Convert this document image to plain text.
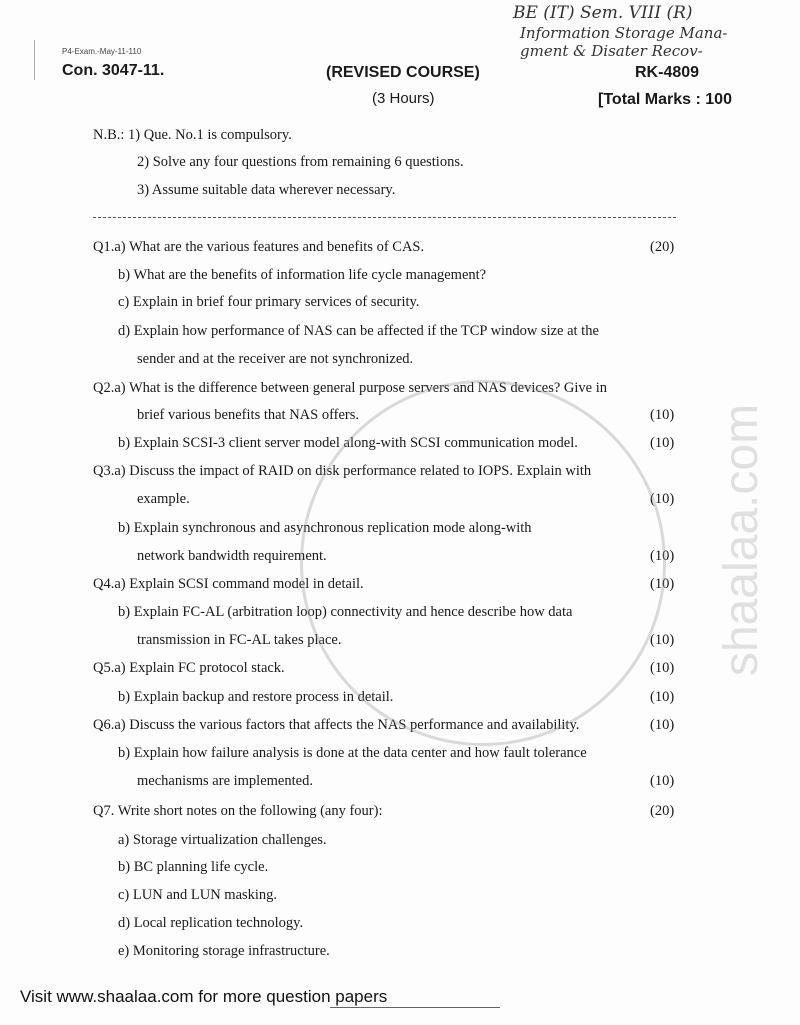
BE (IT) Sem. VIII (R)
Information Storage Mana-
gment & Disater Recov-
P4-Exam.-May-11-110
Con. 3047-11.	(REVISED COURSE)	RK-4809
(3 Hours)	[Total Marks : 100
N.B.: 1) Que. No.1 is compulsory.
2) Solve any four questions from remaining 6 questions.
3) Assume suitable data wherever necessary.
Q1.a) What are the various features and benefits of CAS.	(20)
b) What are the benefits of information life cycle management?
c) Explain in brief four primary services of security.
d) Explain how performance of NAS can be affected if the TCP window size at the
sender and at the receiver are not synchronized.
Q2.a) What is the difference between general purpose servers and NAS devices? Give in
brief various benefits that NAS offers.	(10)
b) Explain SCSI-3 client server model along-with SCSI communication model.	(10)
Q3.a) Discuss the impact of RAID on disk performance related to IOPS. Explain with
example.	(10)
b) Explain synchronous and asynchronous replication mode along-with
network bandwidth requirement.	(10)
Q4.a) Explain SCSI command model in detail.	(10)
b) Explain FC-AL (arbitration loop) connectivity and hence describe how data
transmission in FC-AL takes place.	(10)
Q5.a) Explain FC protocol stack.	(10)
b) Explain backup and restore process in detail.	(10)
Q6.a) Discuss the various factors that affects the NAS performance and availability.	(10)
b) Explain how failure analysis is done at the data center and how fault tolerance
mechanisms are implemented.	(10)
Q7. Write short notes on the following (any four):	(20)
a) Storage virtualization challenges.
b) BC planning life cycle.
c) LUN and LUN masking.
d) Local replication technology.
e) Monitoring storage infrastructure.
shaalaa.com
Visit www.shaalaa.com for more question papers
